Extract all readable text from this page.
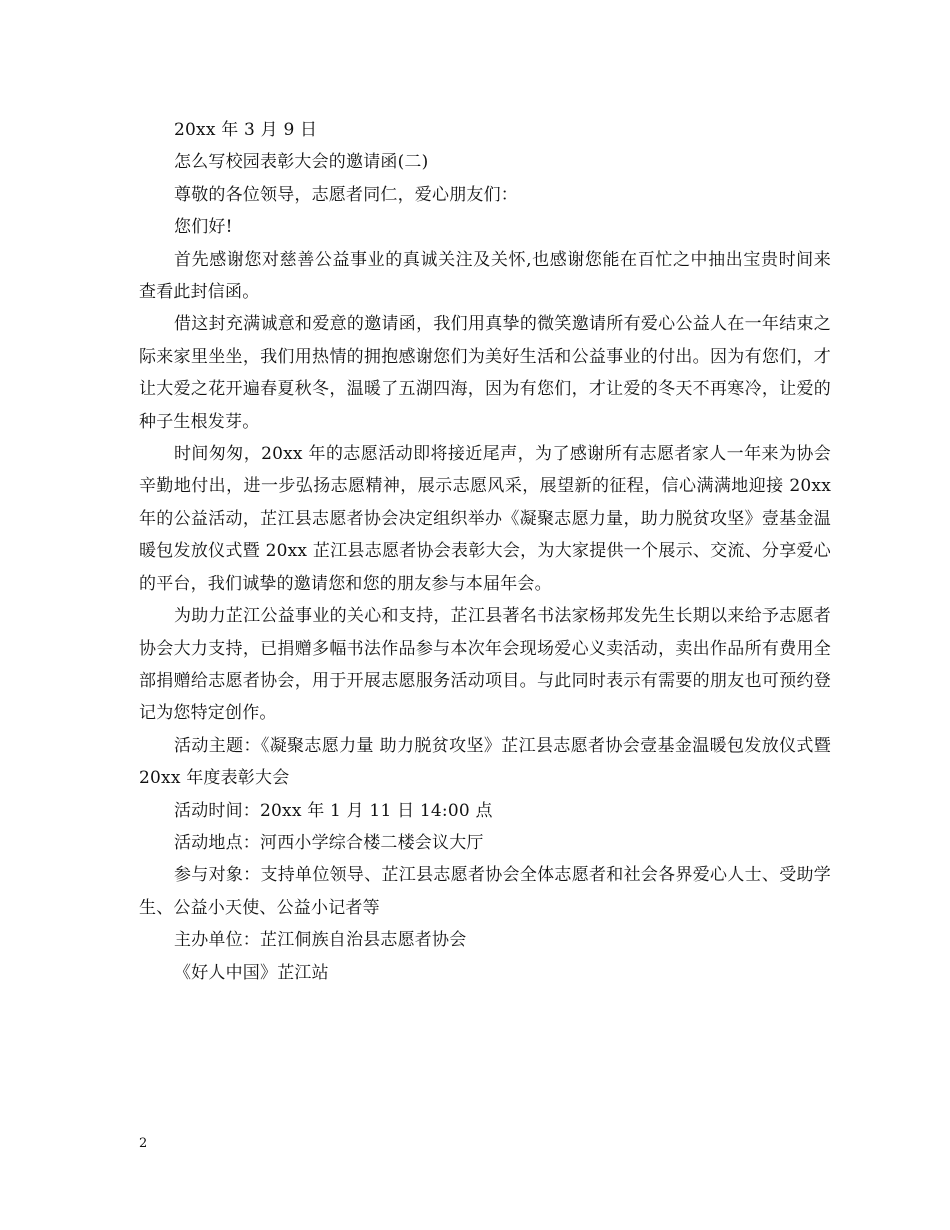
20xx 年 3 月 9 日

怎么写校园表彰大会的邀请函(二)

尊敬的各位领导，志愿者同仁，爱心朋友们：

您们好!

首先感谢您对慈善公益事业的真诚关注及关怀,也感谢您能在百忙之中抽出宝贵时间来查看此封信函。

借这封充满诚意和爱意的邀请函，我们用真挚的微笑邀请所有爱心公益人在一年结束之际来家里坐坐，我们用热情的拥抱感谢您们为美好生活和公益事业的付出。因为有您们，才让大爱之花开遍春夏秋冬，温暖了五湖四海，因为有您们，才让爱的冬天不再寒冷，让爱的种子生根发芽。

时间匆匆，20xx 年的志愿活动即将接近尾声，为了感谢所有志愿者家人一年来为协会辛勤地付出，进一步弘扬志愿精神，展示志愿风采，展望新的征程，信心满满地迎接 20xx 年的公益活动，芷江县志愿者协会决定组织举办《凝聚志愿力量，助力脱贫攻坚》壹基金温暖包发放仪式暨 20xx 芷江县志愿者协会表彰大会，为大家提供一个展示、交流、分享爱心的平台，我们诚挚的邀请您和您的朋友参与本届年会。

为助力芷江公益事业的关心和支持，芷江县著名书法家杨邦发先生长期以来给予志愿者协会大力支持，已捐赠多幅书法作品参与本次年会现场爱心义卖活动，卖出作品所有费用全部捐赠给志愿者协会，用于开展志愿服务活动项目。与此同时表示有需要的朋友也可预约登记为您特定创作。

活动主题：《凝聚志愿力量 助力脱贫攻坚》芷江县志愿者协会壹基金温暖包发放仪式暨 20xx 年度表彰大会

活动时间：20xx 年 1 月 11 日 14:00 点

活动地点：河西小学综合楼二楼会议大厅

参与对象：支持单位领导、芷江县志愿者协会全体志愿者和社会各界爱心人士、受助学生、公益小天使、公益小记者等

主办单位：芷江侗族自治县志愿者协会

《好人中国》芷江站

2
